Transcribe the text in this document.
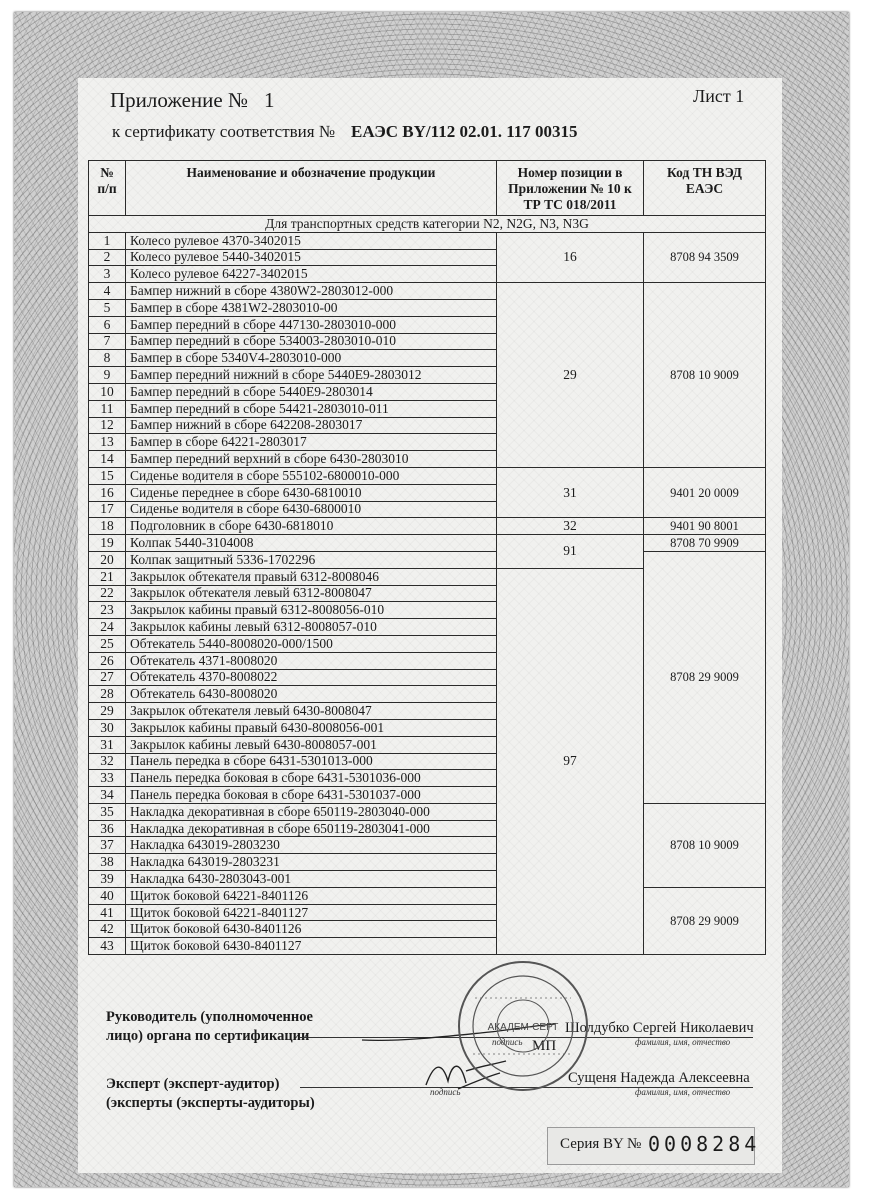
Приложение № 1	Лист 1
к сертификату соответствия № ЕАЭС BY/112 02.01. 117 00315
№ п/п	Наименование и обозначение продукции	Номер позиции в Приложении № 10 к ТР ТС 018/2011	Код ТН ВЭД ЕАЭС
Для транспортных средств категории N2, N2G, N3, N3G			
1	Колесо рулевое 4370-3402015	16	8708 94 3509
2	Колесо рулевое 5440-3402015		
3	Колесо рулевое 64227-3402015		
4	Бампер нижний в сборе 4380W2-2803012-000	29	8708 10 9009
5	Бампер в сборе 4381W2-2803010-00		
6	Бампер передний в сборе 447130-2803010-000		
7	Бампер передний в сборе 534003-2803010-010		
8	Бампер в сборе 5340V4-2803010-000		
9	Бампер передний нижний в сборе 5440E9-2803012		
10	Бампер передний в сборе 5440E9-2803014		
11	Бампер передний в сборе 54421-2803010-011		
12	Бампер нижний в сборе 642208-2803017		
13	Бампер в сборе 64221-2803017		
14	Бампер передний верхний в сборе 6430-2803010		
15	Сиденье водителя в сборе 555102-6800010-000	31	9401 20 0009
16	Сиденье переднее в сборе 6430-6810010		
17	Сиденье водителя в сборе 6430-6800010		
18	Подголовник в сборе 6430-6818010	32	9401 90 8001
19	Колпак 5440-3104008	91	8708 70 9909
20	Колпак защитный 5336-1702296		8708 29 9009
21	Закрылок обтекателя правый 6312-8008046	97	
22	Закрылок обтекателя левый 6312-8008047		
23	Закрылок кабины правый 6312-8008056-010		
24	Закрылок кабины левый 6312-8008057-010		
25	Обтекатель 5440-8008020-000/1500		
26	Обтекатель 4371-8008020		
27	Обтекатель 4370-8008022		
28	Обтекатель 6430-8008020		
29	Закрылок обтекателя левый 6430-8008047		
30	Закрылок кабины правый 6430-8008056-001		
31	Закрылок кабины левый 6430-8008057-001		
32	Панель передка в сборе 6431-5301013-000		
33	Панель передка боковая в сборе 6431-5301036-000		
34	Панель передка боковая в сборе 6431-5301037-000		
35	Накладка декоративная в сборе 650119-2803040-000		8708 10 9009
36	Накладка декоративная в сборе 650119-2803041-000		
37	Накладка 643019-2803230		
38	Накладка 643019-2803231		
39	Накладка 6430-2803043-001		
40	Щиток боковой 64221-8401126		8708 29 9009
41	Щиток боковой 64221-8401127		
42	Щиток боковой 6430-8401126		
43	Щиток боковой 6430-8401127		
Руководитель (уполномоченное
лицо) органа по сертификации	подпись
Шолдубко Сергей Николаевич
фамилия, имя, отчество
МП
Эксперт (эксперт-аудитор)
(эксперты (эксперты-аудиторы)
подпись
Сущеня Надежда Алексеевна
фамилия, имя, отчество
АКАДЕМ-СЕРТ
Серия BY № 0008284
